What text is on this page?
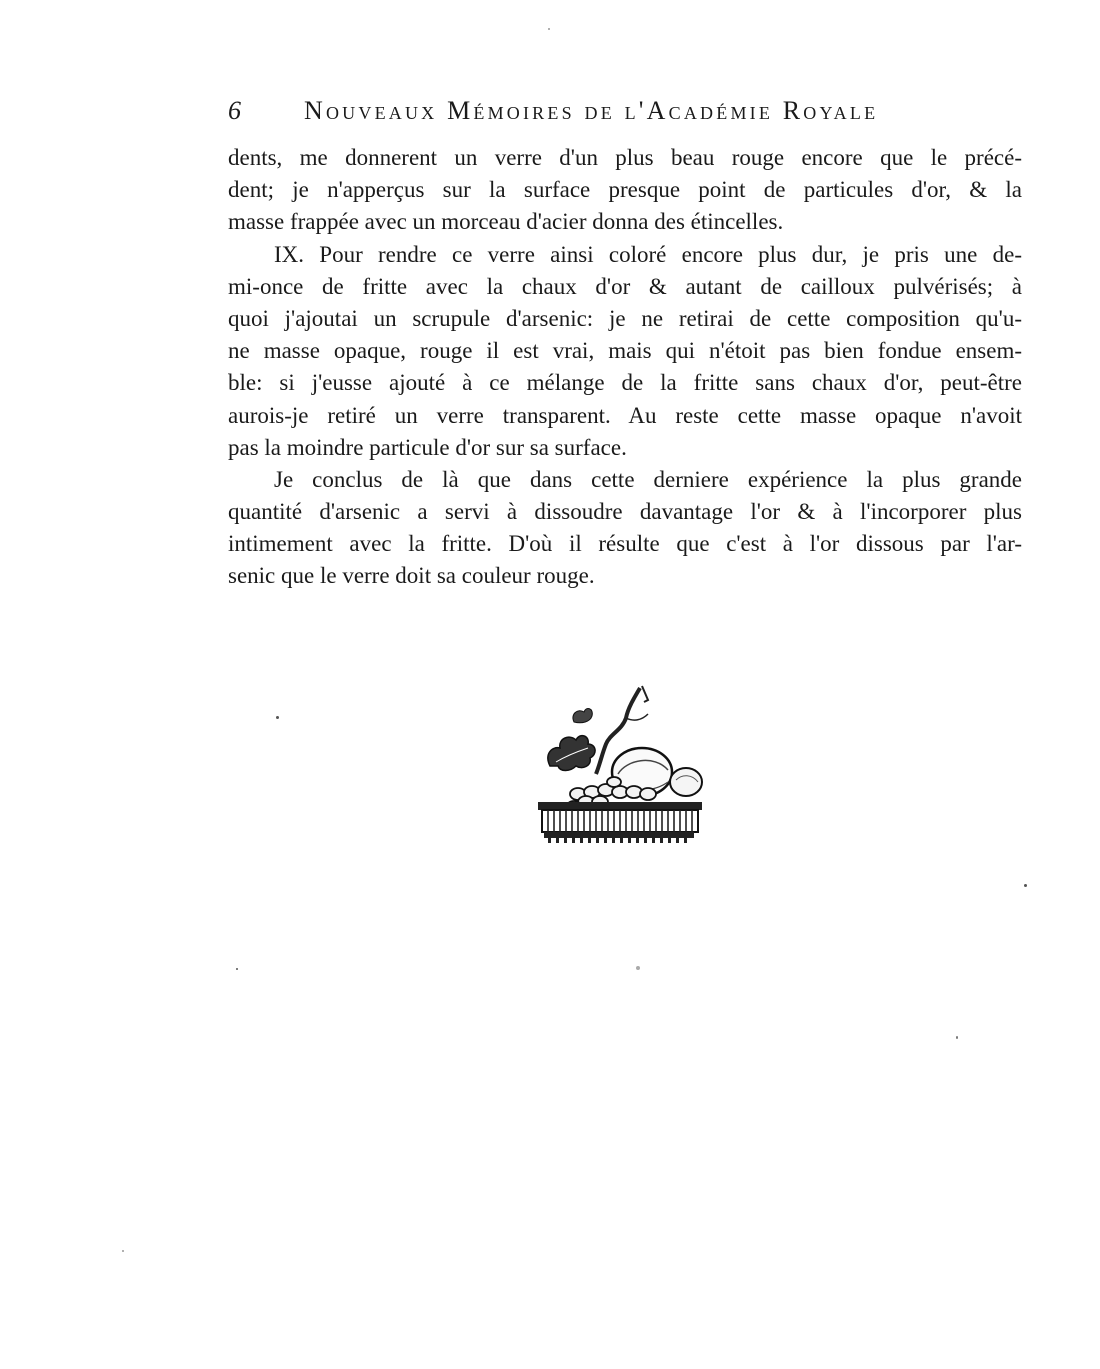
6	Nouveaux Mémoires de l'Académie Royale
dents, me donnerent un verre d'un plus beau rouge encore que le précé-
dent; je n'apperçus sur la surface presque point de particules d'or, & la
masse frappée avec un morceau d'acier donna des étincelles.
IX. Pour rendre ce verre ainsi coloré encore plus dur, je pris une de-
mi-once de fritte avec la chaux d'or & autant de cailloux pulvérisés; à
quoi j'ajoutai un scrupule d'arsenic: je ne retirai de cette composition qu'u-
ne masse opaque, rouge il est vrai, mais qui n'étoit pas bien fondue ensem-
ble: si j'eusse ajouté à ce mélange de la fritte sans chaux d'or, peut-être
aurois-je retiré un verre transparent. Au reste cette masse opaque n'avoit
pas la moindre particule d'or sur sa surface.
Je conclus de là que dans cette derniere expérience la plus grande
quantité d'arsenic a servi à dissoudre davantage l'or & à l'incorporer plus
intimement avec la fritte. D'où il résulte que c'est à l'or dissous par l'ar-
senic que le verre doit sa couleur rouge.
